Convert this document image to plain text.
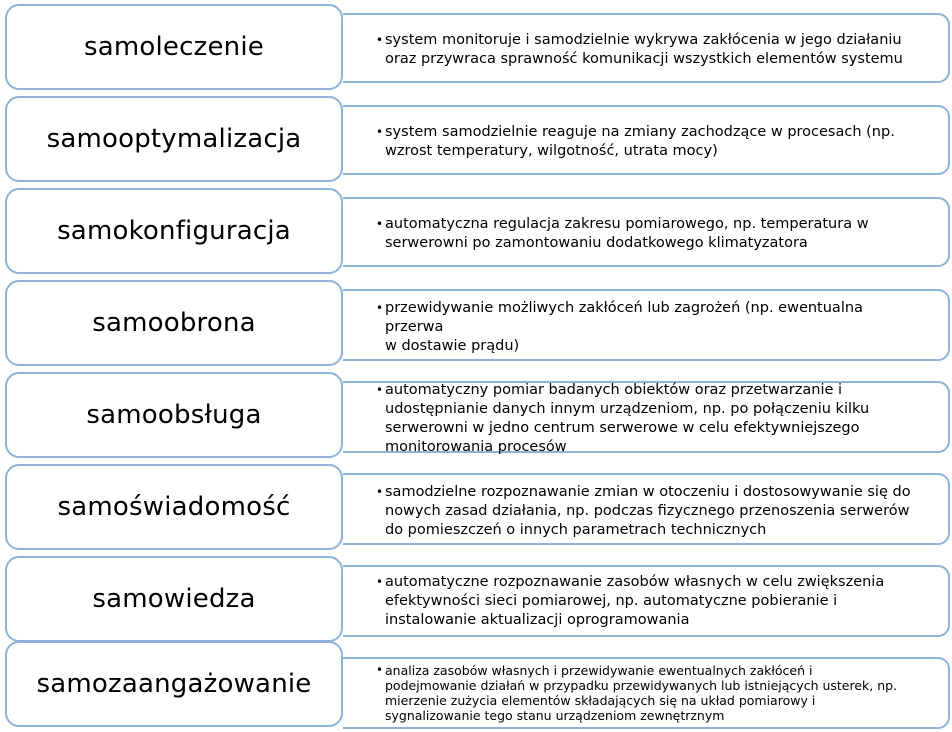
• system monitoruje i samodzielnie wykrywa zakłócenia w jego działaniu
oraz przywraca sprawność komunikacji wszystkich elementów systemu
samoleczenie
• system samodzielnie reaguje na zmiany zachodzące w procesach (np.
wzrost temperatury, wilgotność, utrata mocy)
samooptymalizacja
• automatyczna regulacja zakresu pomiarowego, np. temperatura w
serwerowni po zamontowaniu dodatkowego klimatyzatora
samokonfiguracja
• przewidywanie możliwych zakłóceń lub zagrożeń (np. ewentualna
przerwa
w dostawie prądu)
samoobrona
• automatyczny pomiar badanych obiektów oraz przetwarzanie i
udostępnianie danych innym urządzeniom, np. po połączeniu kilku
serwerowni w jedno centrum serwerowe w celu efektywniejszego
monitorowania procesów
samoobsługa
• samodzielne rozpoznawanie zmian w otoczeniu i dostosowywanie się do
nowych zasad działania, np. podczas fizycznego przenoszenia serwerów
do pomieszczeń o innych parametrach technicznych
samoświadomość
• automatyczne rozpoznawanie zasobów własnych w celu zwiększenia
efektywności sieci pomiarowej, np. automatyczne pobieranie i
instalowanie aktualizacji oprogramowania
samowiedza
• analiza zasobów własnych i przewidywanie ewentualnych zakłóceń i
podejmowanie działań w przypadku przewidywanych lub istniejących usterek, np.
mierzenie zużycia elementów składających się na układ pomiarowy i
sygnalizowanie tego stanu urządzeniom zewnętrznym
samozaangażowanie
